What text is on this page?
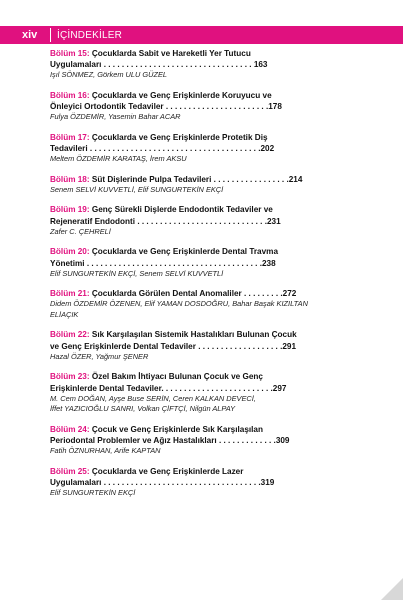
xiv	İÇİNDEKİLER
Bölüm 15: Çocuklarda Sabit ve Hareketli Yer Tutucu
Uygulamaları . . . . . . . . . . . . . . . . . . . . . . . . . . . . . . . . . 163
Işıl SÖNMEZ, Görkem ULU GÜZEL
Bölüm 16: Çocuklarda ve Genç Erişkinlerde Koruyucu ve
Önleyici Ortodontik Tedaviler . . . . . . . . . . . . . . . . . . . . . . .178
Fulya ÖZDEMİR, Yasemin Bahar ACAR
Bölüm 17: Çocuklarda ve Genç Erişkinlerde Protetik Diş
Tedavileri . . . . . . . . . . . . . . . . . . . . . . . . . . . . . . . . . . . . . .202
Meltem ÖZDEMİR KARATAŞ, İrem AKSU
Bölüm 18: Süt Dişlerinde Pulpa Tedavileri . . . . . . . . . . . . . . . . .214
Senem SELVİ KUVVETLİ, Elif SUNGURTEKİN EKÇİ
Bölüm 19: Genç Sürekli Dişlerde Endodontik Tedaviler ve
Rejeneratif Endodonti . . . . . . . . . . . . . . . . . . . . . . . . . . . . .231
Zafer C. ÇEHRELİ
Bölüm 20: Çocuklarda ve Genç Erişkinlerde Dental Travma
Yönetimi . . . . . . . . . . . . . . . . . . . . . . . . . . . . . . . . . . . . . . .238
Elif SUNGURTEKİN EKÇİ, Senem SELVİ KUVVETLİ
Bölüm 21: Çocuklarda Görülen Dental Anomaliler . . . . . . . . .272
Didem ÖZDEMİR ÖZENEN, Elif YAMAN DOSDOĞRU, Bahar Başak KIZILTAN
ELİAÇIK
Bölüm 22: Sık Karşılaşılan Sistemik Hastalıkları Bulunan Çocuk
ve Genç Erişkinlerde Dental Tedaviler . . . . . . . . . . . . . . . . . . .291
Hazal ÖZER, Yağmur ŞENER
Bölüm 23: Özel Bakım İhtiyacı Bulunan Çocuk ve Genç
Erişkinlerde Dental Tedaviler. . . . . . . . . . . . . . . . . . . . . . . . .297
M. Cem DOĞAN, Ayşe Buse SERİN, Ceren KALKAN DEVECİ,
İffet YAZICIOĞLU SANRI, Volkan ÇİFTÇİ, Nilgün ALPAY
Bölüm 24: Çocuk ve Genç Erişkinlerde Sık Karşılaşılan
Periodontal Problemler ve Ağız Hastalıkları . . . . . . . . . . . . .309
Fatih ÖZNURHAN, Arife KAPTAN
Bölüm 25: Çocuklarda ve Genç Erişkinlerde Lazer
Uygulamaları . . . . . . . . . . . . . . . . . . . . . . . . . . . . . . . . . . .319
Elif SUNGURTEKİN EKÇİ
